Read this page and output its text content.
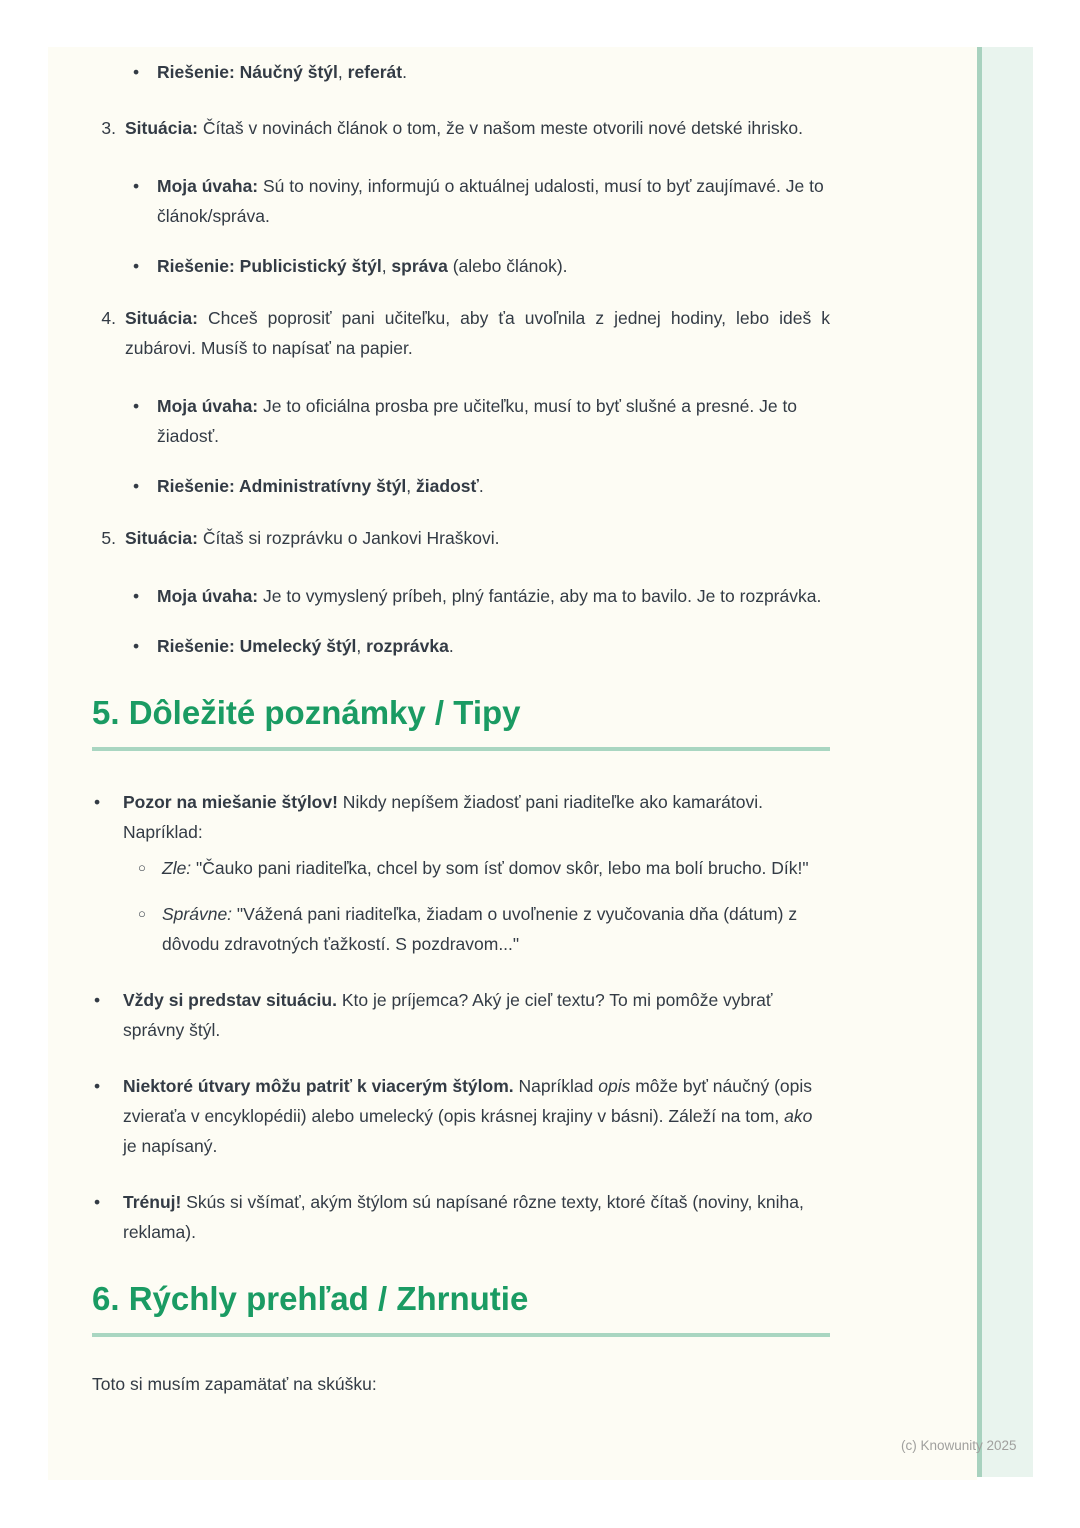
• Riešenie: Náučný štýl, referát.
3. Situácia: Čítaš v novinách článok o tom, že v našom meste otvorili nové detské ihrisko.

• Moja úvaha: Sú to noviny, informujú o aktuálnej udalosti, musí to byť zaujímavé. Je to článok/správa.
• Riešenie: Publicistický štýl, správa (alebo článok).
4. Situácia: Chceš poprosiť pani učiteľku, aby ťa uvoľnila z jednej hodiny, lebo ideš k zubárovi. Musíš to napísať na papier.

• Moja úvaha: Je to oficiálna prosba pre učiteľku, musí to byť slušné a presné. Je to žiadosť.
• Riešenie: Administratívny štýl, žiadosť.
5. Situácia: Čítaš si rozprávku o Jankovi Hraškovi.

• Moja úvaha: Je to vymyslený príbeh, plný fantázie, aby ma to bavilo. Je to rozprávka.
• Riešenie: Umelecký štýl, rozprávka.
5. Dôležité poznámky / Tipy
• Pozor na miešanie štýlov! Nikdy nepíšem žiadosť pani riaditeľke ako kamarátovi. Napríklad:
○ Zle: "Čauko pani riaditeľka, chcel by som ísť domov skôr, lebo ma bolí brucho. Dík!"
○ Správne: "Vážená pani riaditeľka, žiadam o uvoľnenie z vyučovania dňa (dátum) z dôvodu zdravotných ťažkostí. S pozdravom..."
• Vždy si predstav situáciu. Kto je príjemca? Aký je cieľ textu? To mi pomôže vybrať správny štýl.
• Niektoré útvary môžu patriť k viacerým štýlom. Napríklad opis môže byť náučný (opis zvieraťa v encyklopédii) alebo umelecký (opis krásnej krajiny v básni). Záleží na tom, ako je napísaný.
• Trénuj! Skús si všímať, akým štýlom sú napísané rôzne texty, ktoré čítaš (noviny, kniha, reklama).
6. Rýchly prehľad / Zhrnutie

Toto si musím zapamätať na skúšku:

(c) Knowunity 2025
